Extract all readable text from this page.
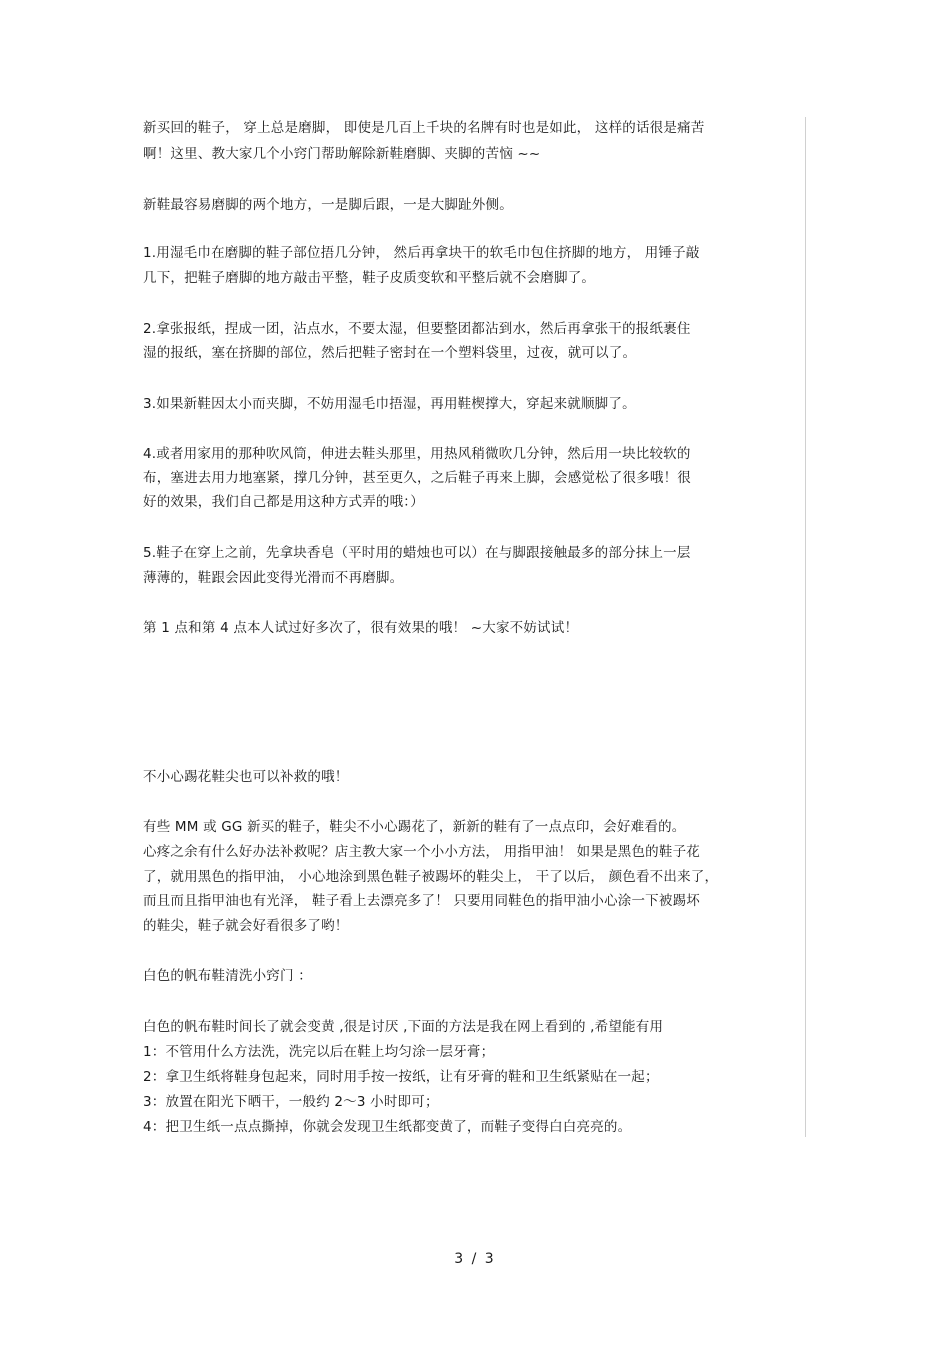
新买回的鞋子， 穿上总是磨脚， 即使是几百上千块的名牌有时也是如此， 这样的话很是痛苦

啊！这里、教大家几个小窍门帮助解除新鞋磨脚、夹脚的苦恼 ~~

新鞋最容易磨脚的两个地方，一是脚后跟，一是大脚趾外侧。

1.用湿毛巾在磨脚的鞋子部位捂几分钟， 然后再拿块干的软毛巾包住挤脚的地方， 用锤子敲

几下，把鞋子磨脚的地方敲击平整，鞋子皮质变软和平整后就不会磨脚了。

2.拿张报纸，捏成一团，沾点水，不要太湿，但要整团都沾到水，然后再拿张干的报纸裹住

湿的报纸，塞在挤脚的部位，然后把鞋子密封在一个塑料袋里，过夜，就可以了。

3.如果新鞋因太小而夹脚，不妨用湿毛巾捂湿，再用鞋楔撑大，穿起来就顺脚了。

4.或者用家用的那种吹风筒，伸进去鞋头那里，用热风稍微吹几分钟，然后用一块比较软的

布，塞进去用力地塞紧，撑几分钟，甚至更久，之后鞋子再来上脚，会感觉松了很多哦！很

好的效果，我们自己都是用这种方式弄的哦：）

5.鞋子在穿上之前，先拿块香皂（平时用的蜡烛也可以）在与脚跟接触最多的部分抹上一层

薄薄的，鞋跟会因此变得光滑而不再磨脚。

第 1 点和第 4 点本人试过好多次了，很有效果的哦！ ~大家不妨试试！

不小心踢花鞋尖也可以补救的哦！

有些 MM 或 GG 新买的鞋子，鞋尖不小心踢花了，新新的鞋有了一点点印，会好难看的。

心疼之余有什么好办法补救呢？店主教大家一个小小方法， 用指甲油！ 如果是黑色的鞋子花

了，就用黑色的指甲油， 小心地涂到黑色鞋子被踢坏的鞋尖上， 干了以后， 颜色看不出来了，

而且而且指甲油也有光泽， 鞋子看上去漂亮多了！ 只要用同鞋色的指甲油小心涂一下被踢坏

的鞋尖，鞋子就会好看很多了哟！

白色的帆布鞋清洗小窍门 ：

白色的帆布鞋时间长了就会变黄 ,很是讨厌 ,下面的方法是我在网上看到的 ,希望能有用

1：不管用什么方法洗，洗完以后在鞋上均匀涂一层牙膏；

2：拿卫生纸将鞋身包起来，同时用手按一按纸，让有牙膏的鞋和卫生纸紧贴在一起；

3：放置在阳光下晒干，一般约 2～3 小时即可；

4：把卫生纸一点点撕掉，你就会发现卫生纸都变黄了，而鞋子变得白白亮亮的。

3 / 3
